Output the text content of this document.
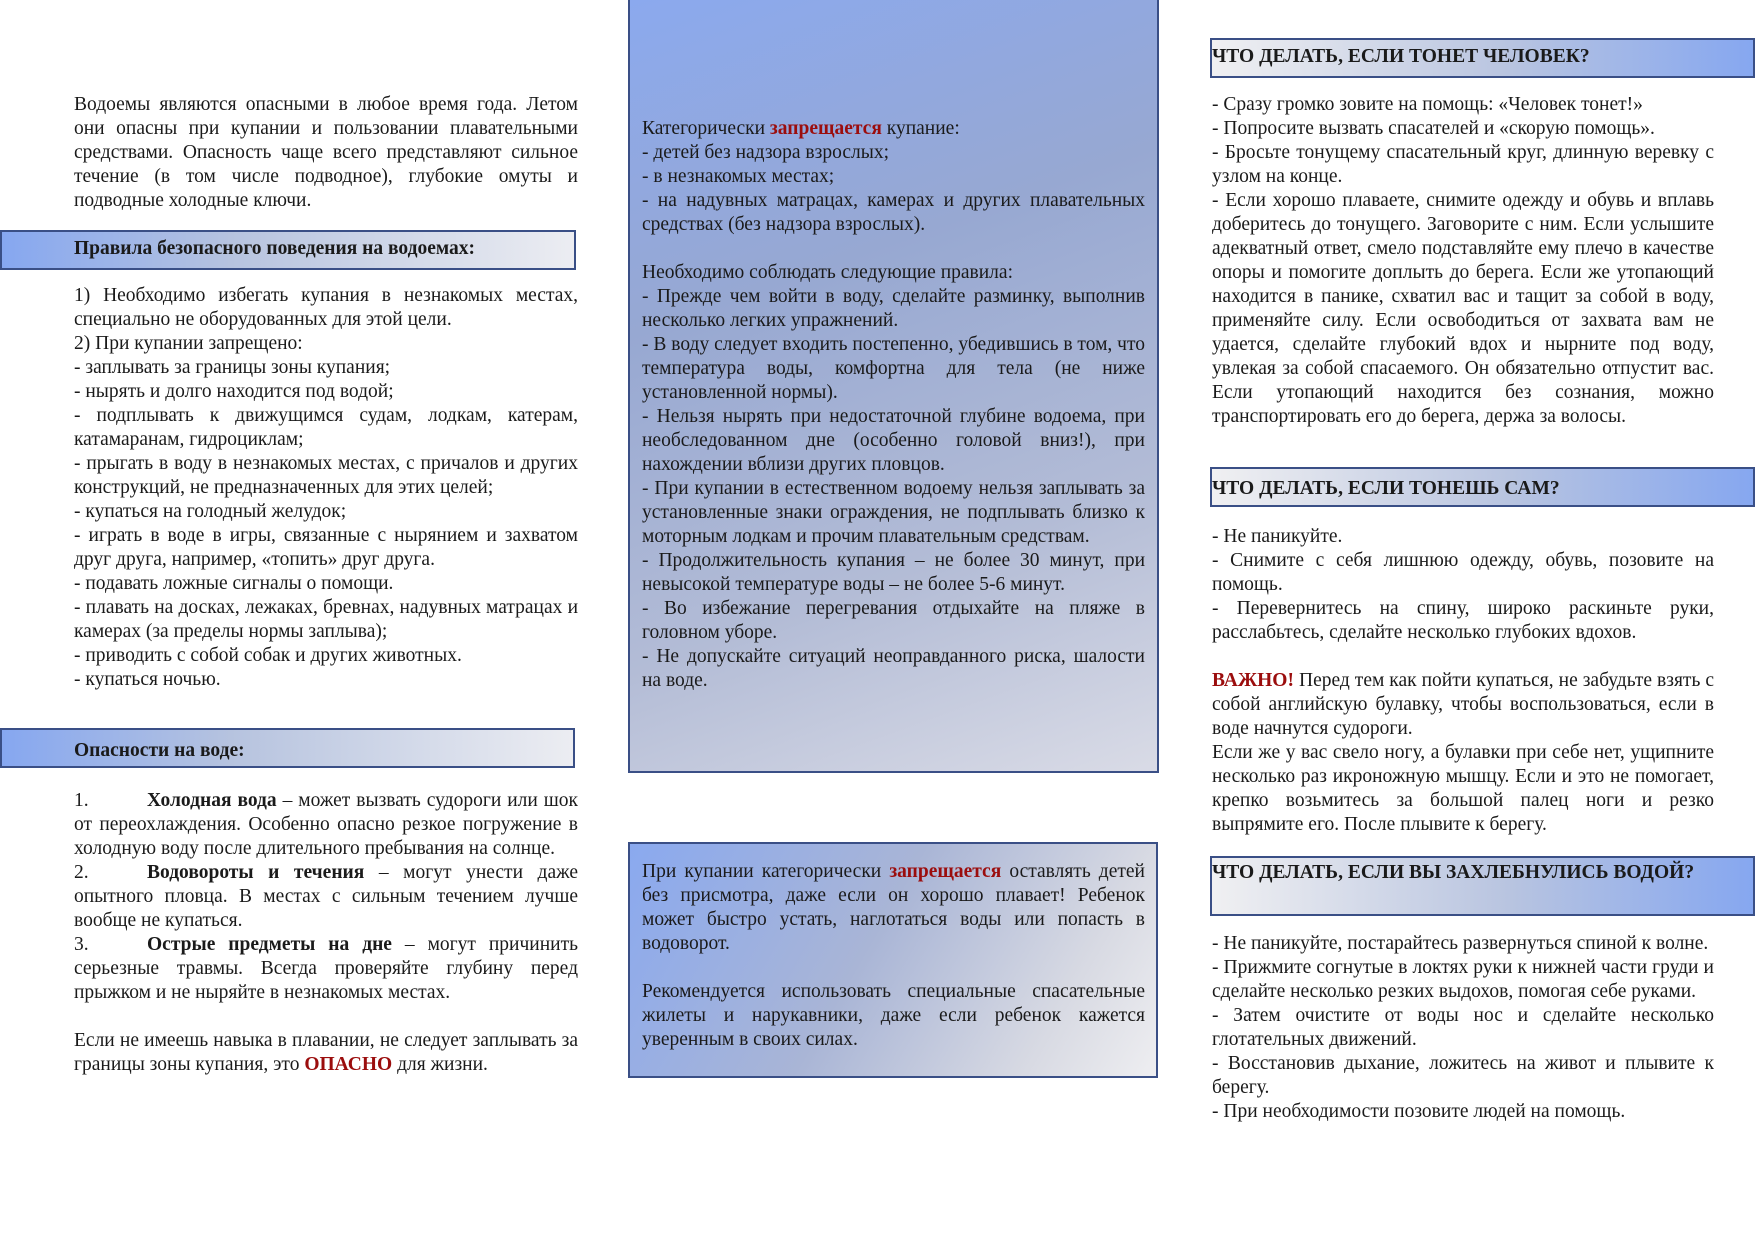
Водоемы являются опасными в любое время года. Летом они опасны при купании и пользовании плавательными средствами. Опасность чаще всего представляют сильное течение (в том числе подводное), глубокие омуты и подводные холодные ключи.

Правила безопасного поведения на водоемах:

1) Необходимо избегать купания в незнакомых местах, специально не оборудованных для этой цели.

2) При купании запрещено:

- заплывать за границы зоны купания;

- нырять и долго находится под водой;

- подплывать к движущимся судам, лодкам, катерам, катамаранам, гидроциклам;

- прыгать в воду в незнакомых местах, с причалов и других конструкций, не предназначенных для этих целей;

- купаться на голодный желудок;

- играть в воде в игры, связанные с нырянием и захватом друг друга, например, «топить» друг друга.

- подавать ложные сигналы о помощи.

- плавать на досках, лежаках, бревнах, надувных матрацах и камерах (за пределы нормы заплыва);

- приводить с собой собак и других животных.

- купаться ночью.

Опасности на воде:

1.	Холодная вода – может вызвать судороги или шок от переохлаждения. Особенно опасно резкое погружение в холодную воду после длительного пребывания на солнце.

2.	Водовороты и течения – могут унести даже опытного пловца. В местах с сильным течением лучше вообще не купаться.

3.	Острые предметы на дне – могут причинить серьезные травмы. Всегда проверяйте глубину перед прыжком и не ныряйте в незнакомых местах.

Если не имеешь навыка в плавании, не следует заплывать за границы зоны купания, это ОПАСНО для жизни.

Категорически запрещается купание:

- детей без надзора взрослых;

- в незнакомых местах;

- на надувных матрацах, камерах и других плавательных средствах (без надзора взрослых).

Необходимо соблюдать следующие правила:

- Прежде чем войти в воду, сделайте разминку, выполнив несколько легких упражнений.

- В воду следует входить постепенно, убедившись в том, что температура воды, комфортна для тела (не ниже установленной нормы).

- Нельзя нырять при недостаточной глубине водоема, при необследованном дне (особенно головой вниз!), при нахождении вблизи других пловцов.

- При купании в естественном водоему нельзя заплывать за установленные знаки ограждения, не подплывать близко к моторным лодкам и прочим плавательным средствам.

- Продолжительность купания – не более 30 минут, при невысокой температуре воды – не более 5-6 минут.

- Во избежание перегревания отдыхайте на пляже в головном уборе.

- Не допускайте ситуаций неоправданного риска, шалости на воде.

При купании категорически запрещается оставлять детей без присмотра, даже если он хорошо плавает! Ребенок может быстро устать, наглотаться воды или попасть в водоворот.

Рекомендуется использовать специальные спасательные жилеты и нарукавники, даже если ребенок кажется уверенным в своих силах.

ЧТО ДЕЛАТЬ, ЕСЛИ ТОНЕТ ЧЕЛОВЕК?

- Сразу громко зовите на помощь: «Человек тонет!»

- Попросите вызвать спасателей и «скорую помощь».

- Бросьте тонущему спасательный круг, длинную веревку с узлом на конце.

- Если хорошо плаваете, снимите одежду и обувь и вплавь доберитесь до тонущего. Заговорите с ним. Если услышите адекватный ответ, смело подставляйте ему плечо в качестве опоры и помогите доплыть до берега. Если же утопающий находится в панике, схватил вас и тащит за собой в воду, применяйте силу. Если освободиться от захвата вам не удается, сделайте глубокий вдох и нырните под воду, увлекая за собой спасаемого. Он обязательно отпустит вас. Если утопающий находится без сознания, можно транспортировать его до берега, держа за волосы.

ЧТО ДЕЛАТЬ, ЕСЛИ ТОНЕШЬ САМ?

- Не паникуйте.

- Снимите с себя лишнюю одежду, обувь, позовите на помощь.

- Перевернитесь на спину, широко раскиньте руки, расслабьтесь, сделайте несколько глубоких вдохов.

ВАЖНО! Перед тем как пойти купаться, не забудьте взять с собой английскую булавку, чтобы воспользоваться, если в воде начнутся судороги.

Если же у вас свело ногу, а булавки при себе нет, ущипните несколько раз икроножную мышцу. Если и это не помогает, крепко возьмитесь за большой палец ноги и резко выпрямите его. После плывите к берегу.

ЧТО ДЕЛАТЬ, ЕСЛИ ВЫ ЗАХЛЕБНУЛИСЬ ВОДОЙ?

- Не паникуйте, постарайтесь развернуться спиной к волне.

- Прижмите согнутые в локтях руки к нижней части груди и сделайте несколько резких выдохов, помогая себе руками.

- Затем очистите от воды нос и сделайте несколько глотательных движений.

- Восстановив дыхание, ложитесь на живот и плывите к берегу.

- При необходимости позовите людей на помощь.
